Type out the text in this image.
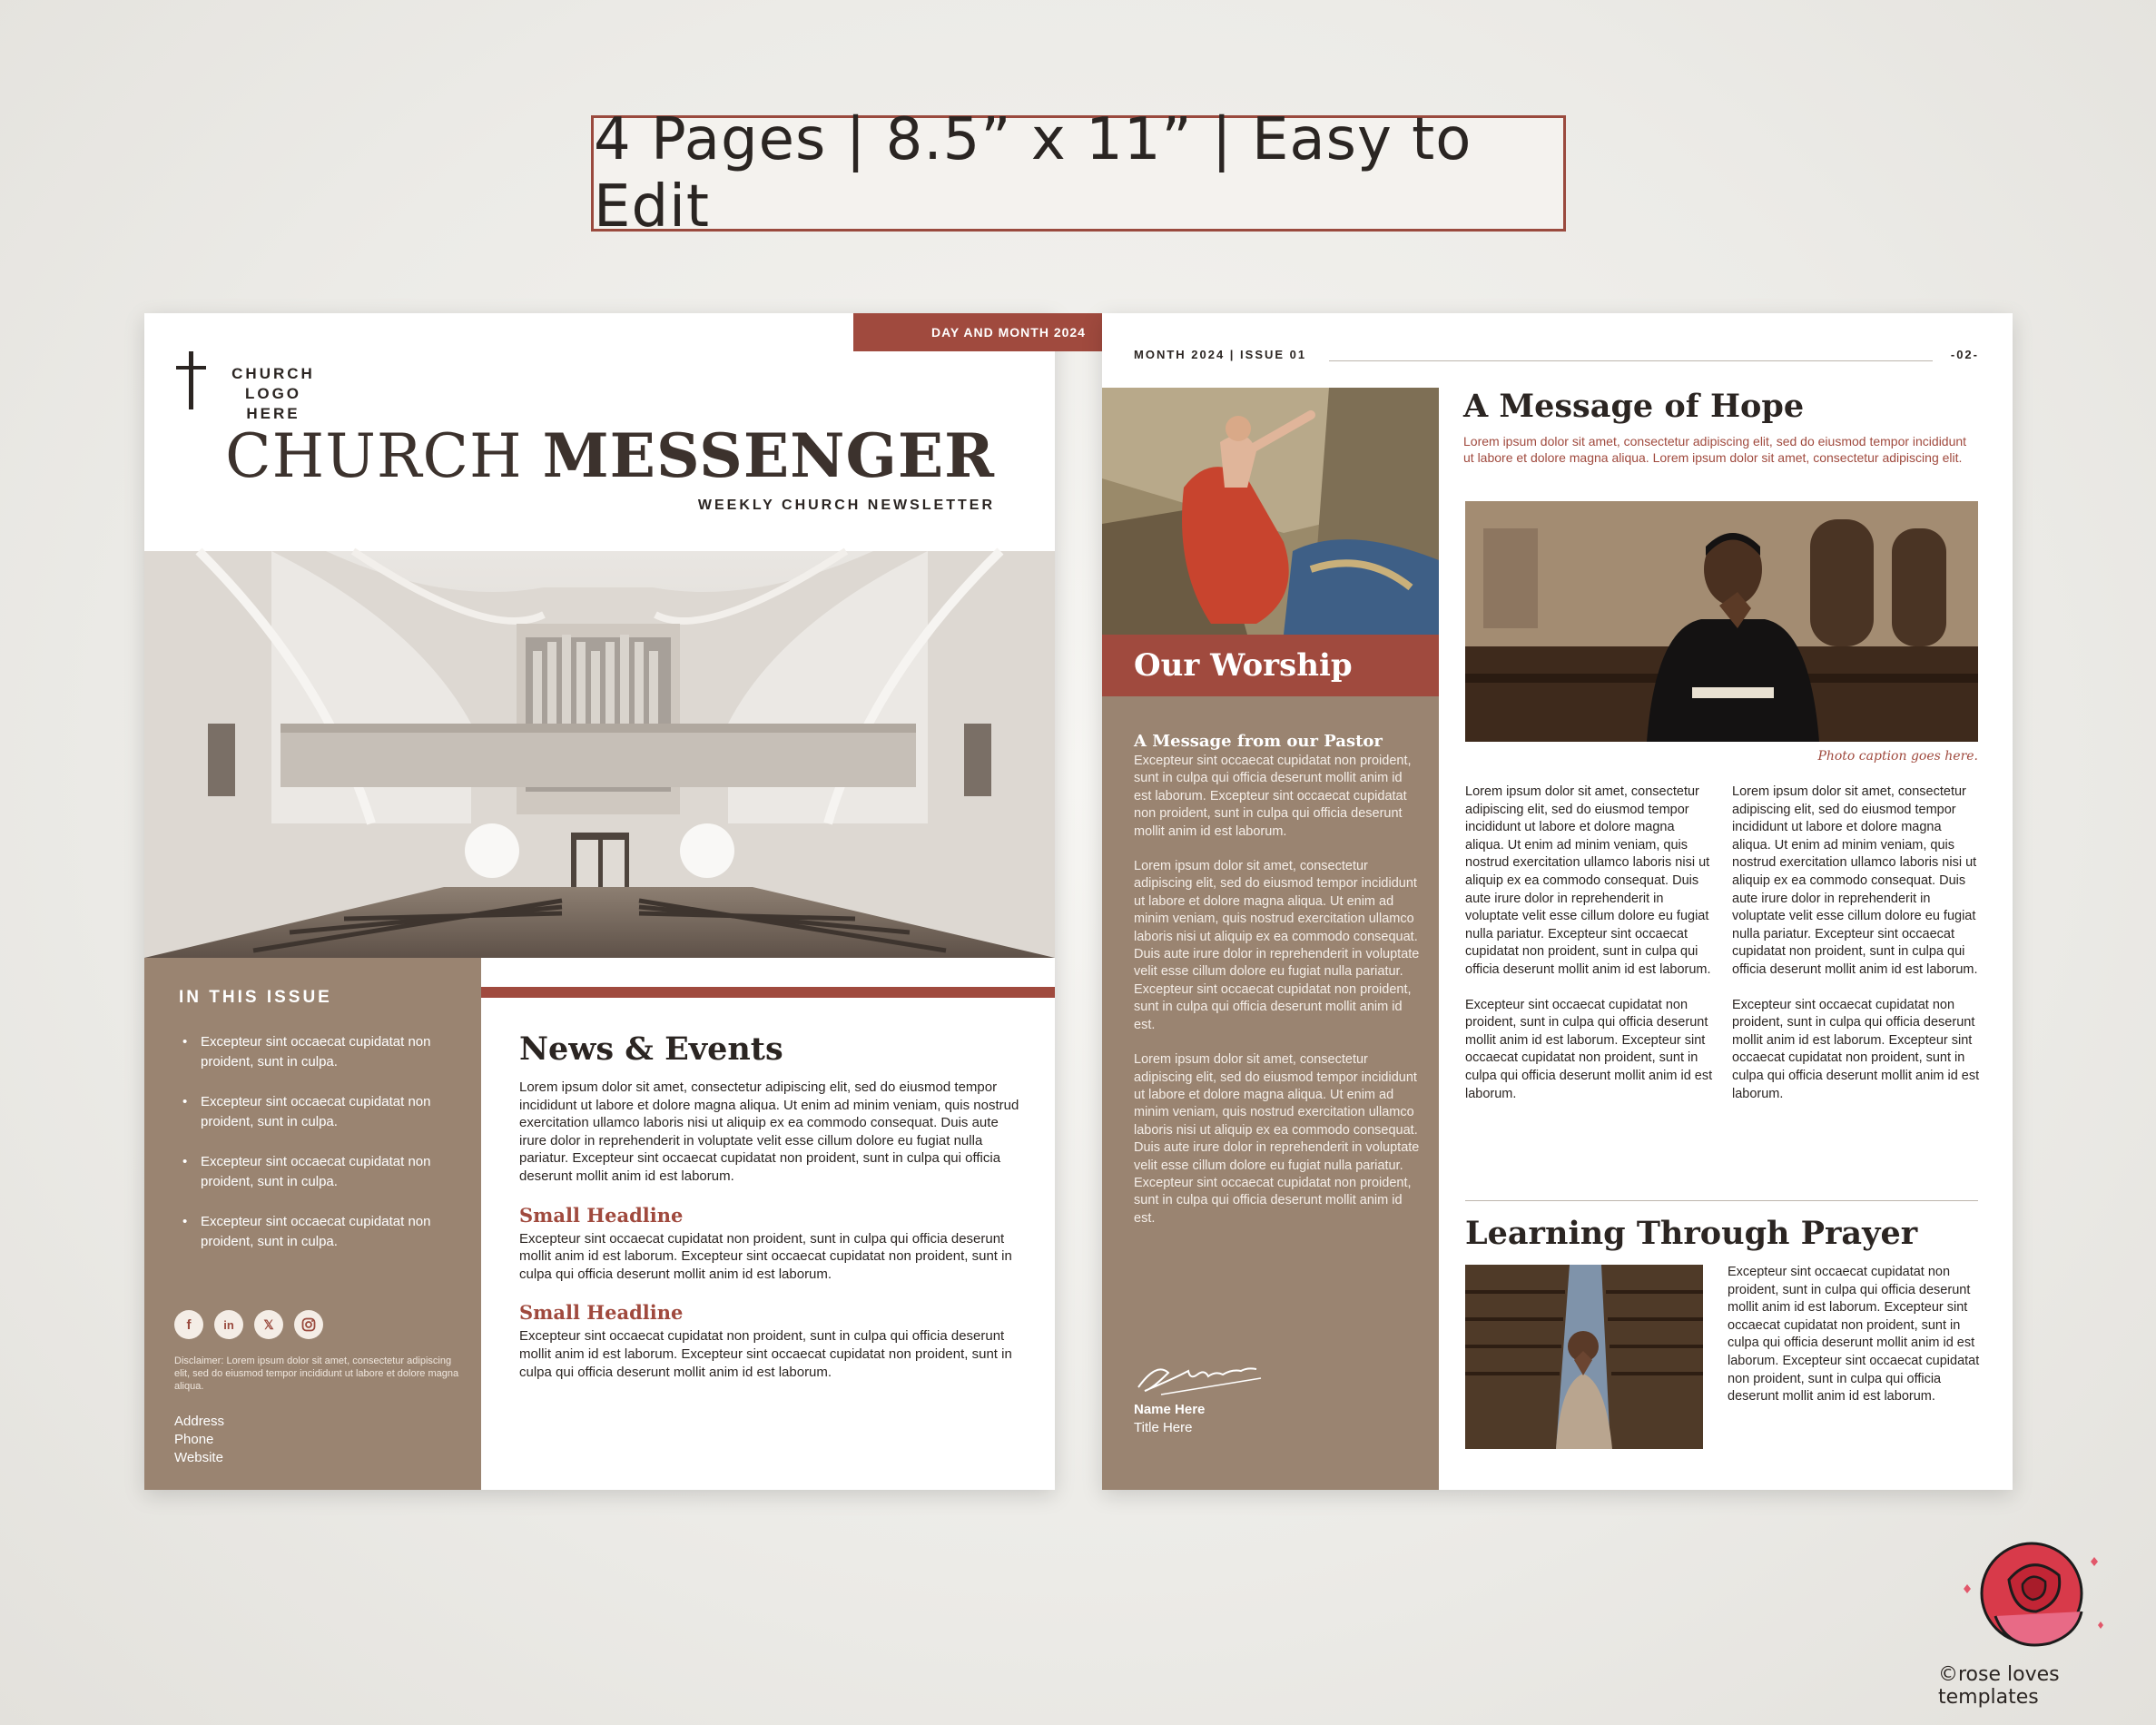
4 Pages | 8.5” x 11” | Easy to Edit
DAY AND MONTH 2024
CHURCH LOGO HERE
CHURCH MESSENGER
WEEKLY CHURCH NEWSLETTER
IN THIS ISSUE
• Excepteur sint occaecat cupidatat non proident, sunt in culpa.
• Excepteur sint occaecat cupidatat non proident, sunt in culpa.
• Excepteur sint occaecat cupidatat non proident, sunt in culpa.
• Excepteur sint occaecat cupidatat non proident, sunt in culpa.
f	in	𝕏
Disclaimer: Lorem ipsum dolor sit amet, consectetur adipiscing elit, sed do eiusmod tempor incididunt ut labore et dolore magna aliqua.
Address
Phone
Website
News & Events
Lorem ipsum dolor sit amet, consectetur adipiscing elit, sed do eiusmod tempor incididunt ut labore et dolore magna aliqua. Ut enim ad minim veniam, quis nostrud exercitation ullamco laboris nisi ut aliquip ex ea commodo consequat. Duis aute irure dolor in reprehenderit in voluptate velit esse cillum dolore eu fugiat nulla pariatur. Excepteur sint occaecat cupidatat non proident, sunt in culpa qui officia deserunt mollit anim id est laborum.
Small Headline
Excepteur sint occaecat cupidatat non proident, sunt in culpa qui officia deserunt mollit anim id est laborum. Excepteur sint occaecat cupidatat non proident, sunt in culpa qui officia deserunt mollit anim id est laborum.
Small Headline
Excepteur sint occaecat cupidatat non proident, sunt in culpa qui officia deserunt mollit anim id est laborum. Excepteur sint occaecat cupidatat non proident, sunt in culpa qui officia deserunt mollit anim id est laborum.
MONTH 2024 | ISSUE 01	-02-
Our Worship
A Message from our Pastor

Excepteur sint occaecat cupidatat non proident, sunt in culpa qui officia deserunt mollit anim id est laborum. Excepteur sint occaecat cupidatat non proident, sunt in culpa qui officia deserunt mollit anim id est laborum.

Lorem ipsum dolor sit amet, consectetur adipiscing elit, sed do eiusmod tempor incididunt ut labore et dolore magna aliqua. Ut enim ad minim veniam, quis nostrud exercitation ullamco laboris nisi ut aliquip ex ea commodo consequat. Duis aute irure dolor in reprehenderit in voluptate velit esse cillum dolore eu fugiat nulla pariatur. Excepteur sint occaecat cupidatat non proident, sunt in culpa qui officia deserunt mollit anim id est.

Lorem ipsum dolor sit amet, consectetur adipiscing elit, sed do eiusmod tempor incididunt ut labore et dolore magna aliqua. Ut enim ad minim veniam, quis nostrud exercitation ullamco laboris nisi ut aliquip ex ea commodo consequat. Duis aute irure dolor in reprehenderit in voluptate velit esse cillum dolore eu fugiat nulla pariatur. Excepteur sint occaecat cupidatat non proident, sunt in culpa qui officia deserunt mollit anim id est.

Name Here
Title Here
A Message of Hope
Lorem ipsum dolor sit amet, consectetur adipiscing elit, sed do eiusmod tempor incididunt ut labore et dolore magna aliqua. Lorem ipsum dolor sit amet, consectetur adipiscing elit.
Photo caption goes here.

Lorem ipsum dolor sit amet, consectetur adipiscing elit, sed do eiusmod tempor incididunt ut labore et dolore magna aliqua. Ut enim ad minim veniam, quis nostrud exercitation ullamco laboris nisi ut aliquip ex ea commodo consequat. Duis aute irure dolor in reprehenderit in voluptate velit esse cillum dolore eu fugiat nulla pariatur. Excepteur sint occaecat cupidatat non proident, sunt in culpa qui officia deserunt mollit anim id est laborum.

Excepteur sint occaecat cupidatat non proident, sunt in culpa qui officia deserunt mollit anim id est laborum. Excepteur sint occaecat cupidatat non proident, sunt in culpa qui officia deserunt mollit anim id est laborum.

Lorem ipsum dolor sit amet, consectetur adipiscing elit, sed do eiusmod tempor incididunt ut labore et dolore magna aliqua. Ut enim ad minim veniam, quis nostrud exercitation ullamco laboris nisi ut aliquip ex ea commodo consequat. Duis aute irure dolor in reprehenderit in voluptate velit esse cillum dolore eu fugiat nulla pariatur. Excepteur sint occaecat cupidatat non proident, sunt in culpa qui officia deserunt mollit anim id est laborum.

Excepteur sint occaecat cupidatat non proident, sunt in culpa qui officia deserunt mollit anim id est laborum. Excepteur sint occaecat cupidatat non proident, sunt in culpa qui officia deserunt mollit anim id est laborum.

Learning Through Prayer
Excepteur sint occaecat cupidatat non proident, sunt in culpa qui officia deserunt mollit anim id est laborum. Excepteur sint occaecat cupidatat non proident, sunt in culpa qui officia deserunt mollit anim id est laborum. Excepteur sint occaecat cupidatat non proident, sunt in culpa qui officia deserunt mollit anim id est laborum.
©rose loves templates
